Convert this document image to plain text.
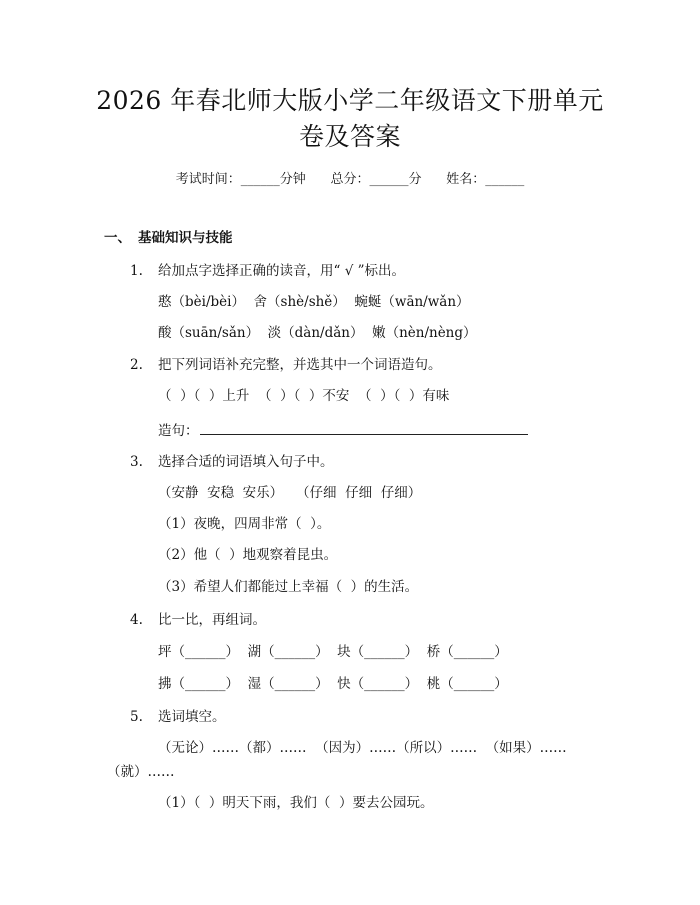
2026 年春北师大版小学二年级语文下册单元
卷及答案
考试时间：______分钟      总分：______分      姓名：______
一、 基础知识与技能
1. 给加点字选择正确的读音，用“ √ ”标出。
憨（bèi/bèi）  舍（shè/shě）  蜿蜒（wān/wǎn）
酸（suān/sǎn）  淡（dàn/dǎn）  嫩（nèn/nèng）
2. 把下列词语补充完整，并选其中一个词语造句。
（  ）（  ）上升  （  ）（  ）不安  （  ）（  ）有味
造句：
3. 选择合适的词语填入句子中。
（安静  安稳  安乐）   （仔细  仔细  仔细）
（1）夜晚，四周非常（  ）。
（2）他（  ）地观察着昆虫。
（3）希望人们都能过上幸福（  ）的生活。
4. 比一比，再组词。
坪（______）  湖（______）  块（______）  桥（______）
拂（______）  湿（______）  快（______）  桃（______）
5. 选词填空。
（无论）……（都）……  （因为）……（所以）……  （如果）……
（就）……
（1）（  ）明天下雨，我们（  ）要去公园玩。
